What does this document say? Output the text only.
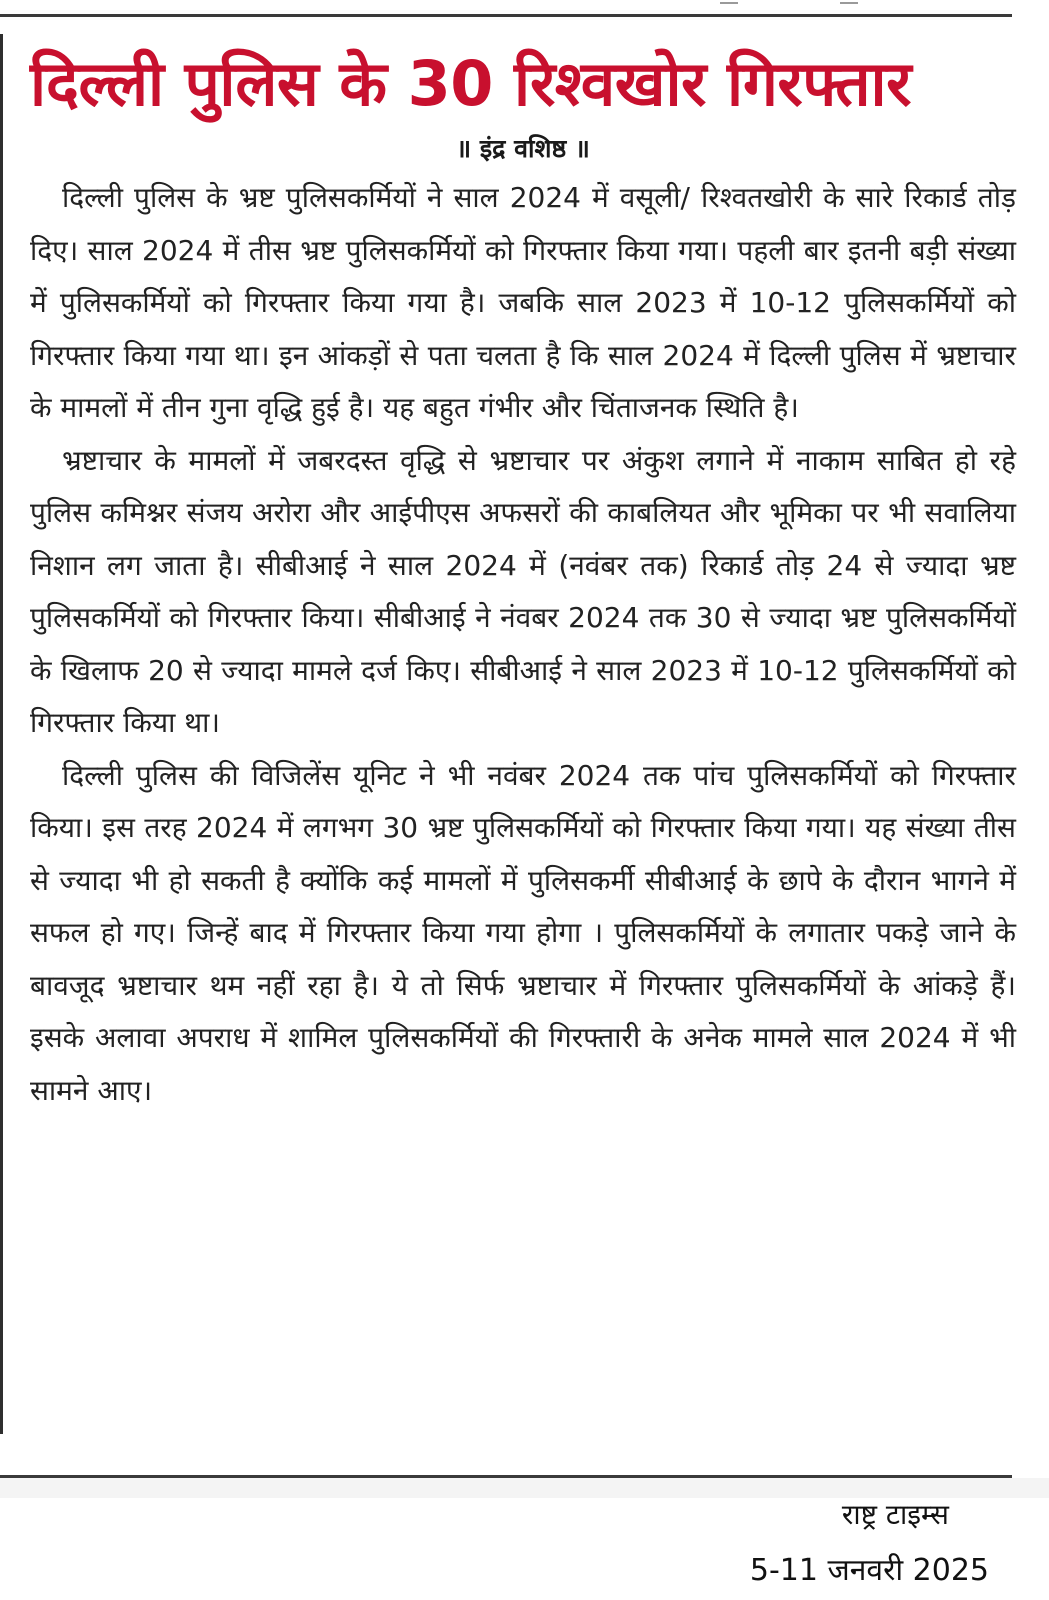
दिल्ली पुलिस के 30 रिश्वखोर गिरफ्तार
॥ इंद्र वशिष्ठ ॥

दिल्ली पुलिस के भ्रष्ट पुलिसकर्मियों ने साल 2024 में वसूली/ रिश्वतखोरी के सारे रिकार्ड तोड़ दिए। साल 2024 में तीस भ्रष्ट पुलिसकर्मियों को गिरफ्तार किया गया। पहली बार इतनी बड़ी संख्या में पुलिसकर्मियों को गिरफ्तार किया गया है। जबकि साल 2023 में 10-12 पुलिसकर्मियों को गिरफ्तार किया गया था। इन आंकड़ों से पता चलता है कि साल 2024 में दिल्ली पुलिस में भ्रष्टाचार के मामलों में तीन गुना वृद्धि हुई है। यह बहुत गंभीर और चिंताजनक स्थिति है।

भ्रष्टाचार के मामलों में जबरदस्त वृद्धि से भ्रष्टाचार पर अंकुश लगाने में नाकाम साबित हो रहे पुलिस कमिश्नर संजय अरोरा और आईपीएस अफसरों की काबलियत और भूमिका पर भी सवालिया निशान लग जाता है। सीबीआई ने साल 2024 में (नवंबर तक) रिकार्ड तोड़ 24 से ज्यादा भ्रष्ट पुलिसकर्मियों को गिरफ्तार किया। सीबीआई ने नंवबर 2024 तक 30 से ज्यादा भ्रष्ट पुलिसकर्मियों के खिलाफ 20 से ज्यादा मामले दर्ज किए। सीबीआई ने साल 2023 में 10-12 पुलिसकर्मियों को गिरफ्तार किया था।

दिल्ली पुलिस की विजिलेंस यूनिट ने भी नवंबर 2024 तक पांच पुलिसकर्मियों को गिरफ्तार किया। इस तरह 2024 में लगभग 30 भ्रष्ट पुलिसकर्मियों को गिरफ्तार किया गया। यह संख्या तीस से ज्यादा भी हो सकती है क्योंकि कई मामलों में पुलिसकर्मी सीबीआई के छापे के दौरान भागने में सफल हो गए। जिन्हें बाद में गिरफ्तार किया गया होगा । पुलिसकर्मियों के लगातार पकड़े जाने के बावजूद भ्रष्टाचार थम नहीं रहा है। ये तो सिर्फ भ्रष्टाचार में गिरफ्तार पुलिसकर्मियों के आंकड़े हैं। इसके अलावा अपराध में शामिल पुलिसकर्मियों की गिरफ्तारी के अनेक मामले साल 2024 में भी सामने आए।

राष्ट्र टाइम्स
5-11 जनवरी 2025
